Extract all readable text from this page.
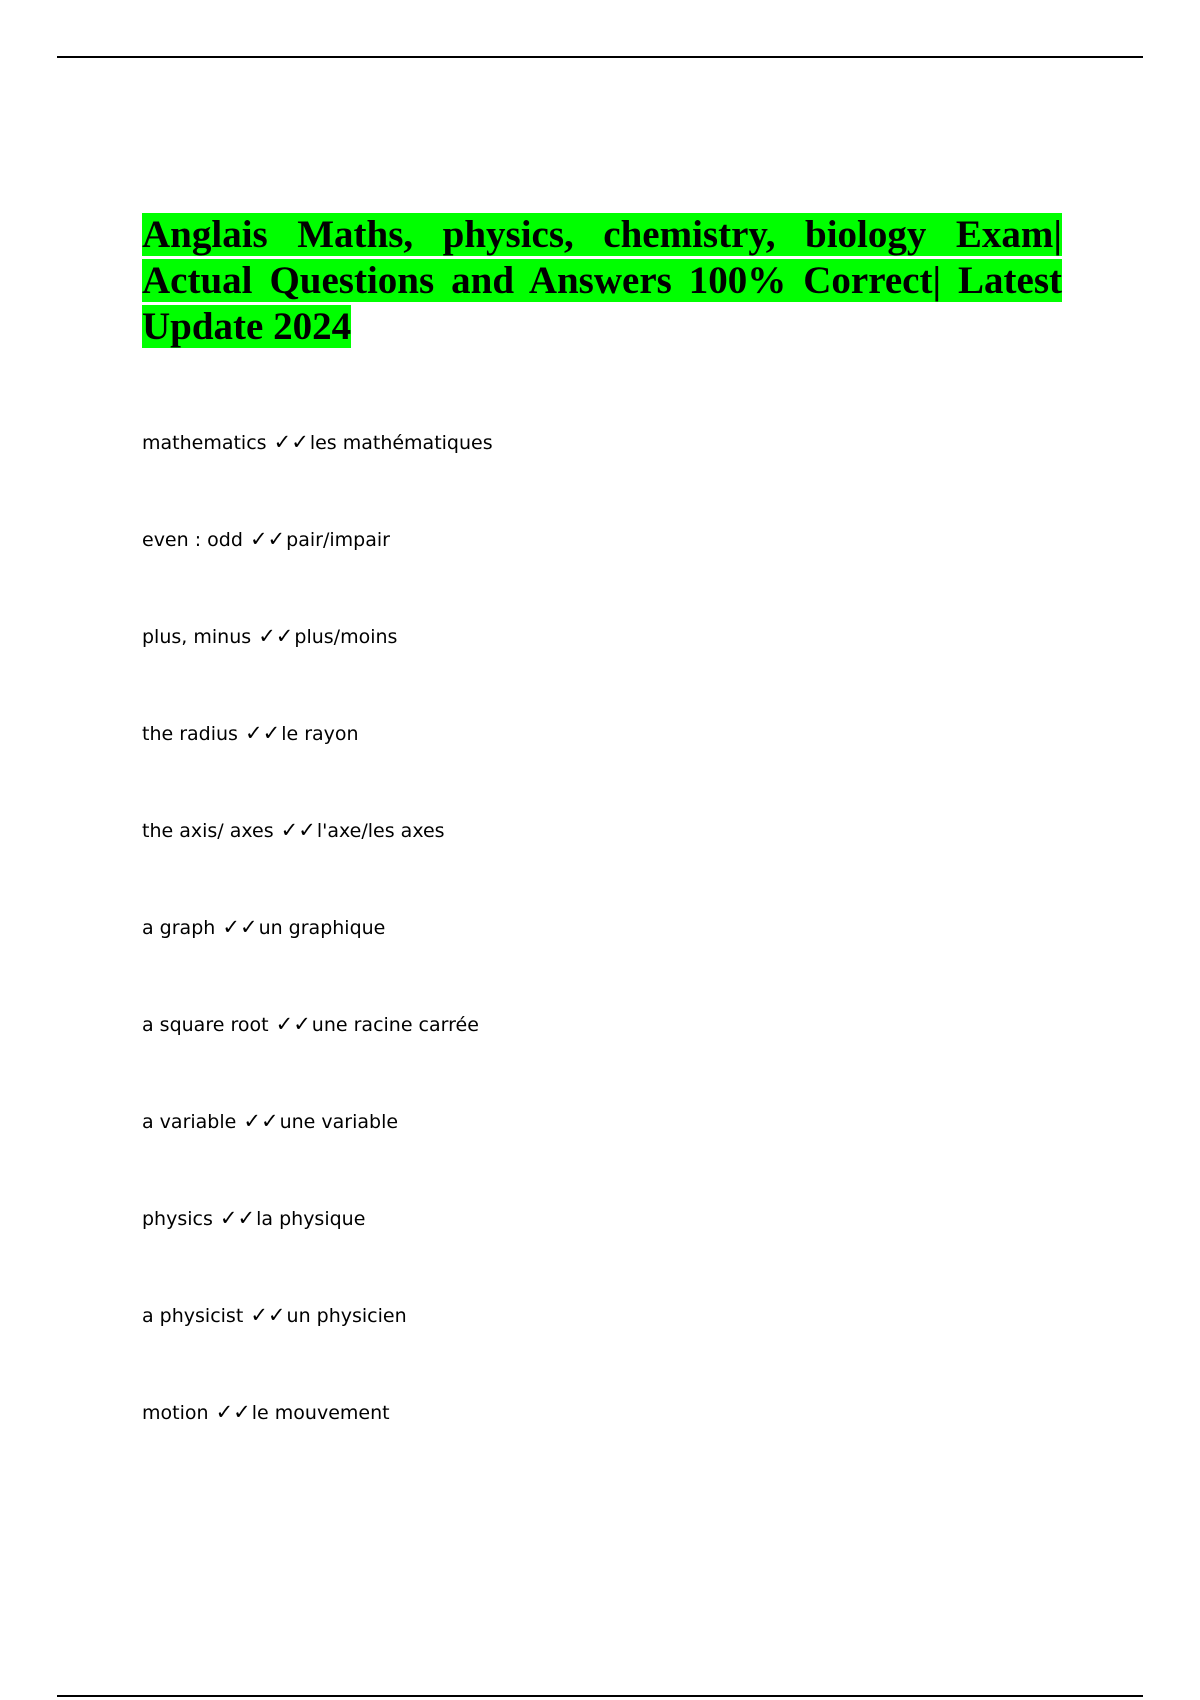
Anglais Maths, physics, chemistry, biology Exam| Actual Questions and Answers 100% Correct| Latest Update 2024
mathematics ✓✓les mathématiques
even : odd ✓✓pair/impair
plus, minus ✓✓plus/moins
the radius ✓✓le rayon
the axis/ axes ✓✓l'axe/les axes
a graph ✓✓un graphique
a square root ✓✓une racine carrée
a variable ✓✓une variable
physics ✓✓la physique
a physicist ✓✓un physicien
motion ✓✓le mouvement
